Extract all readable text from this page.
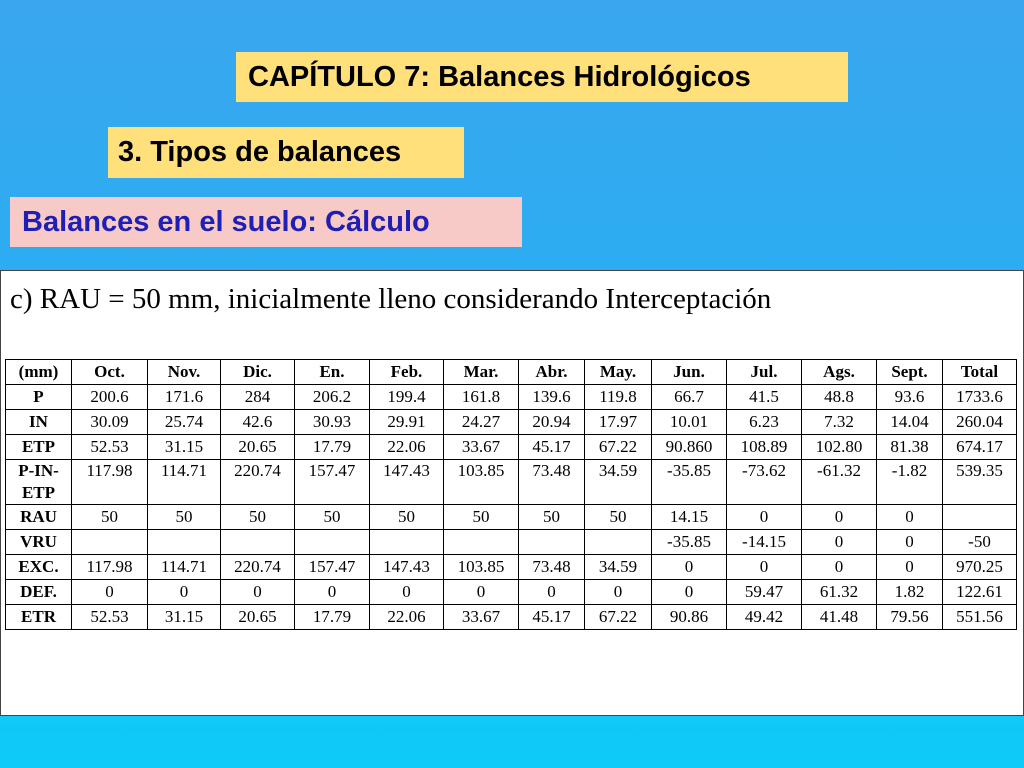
CAPÍTULO 7: Balances Hidrológicos
3. Tipos de balances
Balances en el suelo: Cálculo
c) RAU = 50 mm, inicialmente lleno considerando Interceptación
(mm)	Oct.	Nov.	Dic.	En.	Feb.	Mar.	Abr.	May.	Jun.	Jul.	Ags.	Sept.	Total
P	200.6	171.6	284	206.2	199.4	161.8	139.6	119.8	66.7	41.5	48.8	93.6	1733.6
IN	30.09	25.74	42.6	30.93	29.91	24.27	20.94	17.97	10.01	6.23	7.32	14.04	260.04
ETP	52.53	31.15	20.65	17.79	22.06	33.67	45.17	67.22	90.860	108.89	102.80	81.38	674.17
P-IN-
ETP	117.98	114.71	220.74	157.47	147.43	103.85	73.48	34.59	-35.85	-73.62	-61.32	-1.82	539.35
RAU	50	50	50	50	50	50	50	50	14.15	0	0	0	
VRU									-35.85	-14.15	0	0	-50
EXC.	117.98	114.71	220.74	157.47	147.43	103.85	73.48	34.59	0	0	0	0	970.25
DEF.	0	0	0	0	0	0	0	0	0	59.47	61.32	1.82	122.61
ETR	52.53	31.15	20.65	17.79	22.06	33.67	45.17	67.22	90.86	49.42	41.48	79.56	551.56
